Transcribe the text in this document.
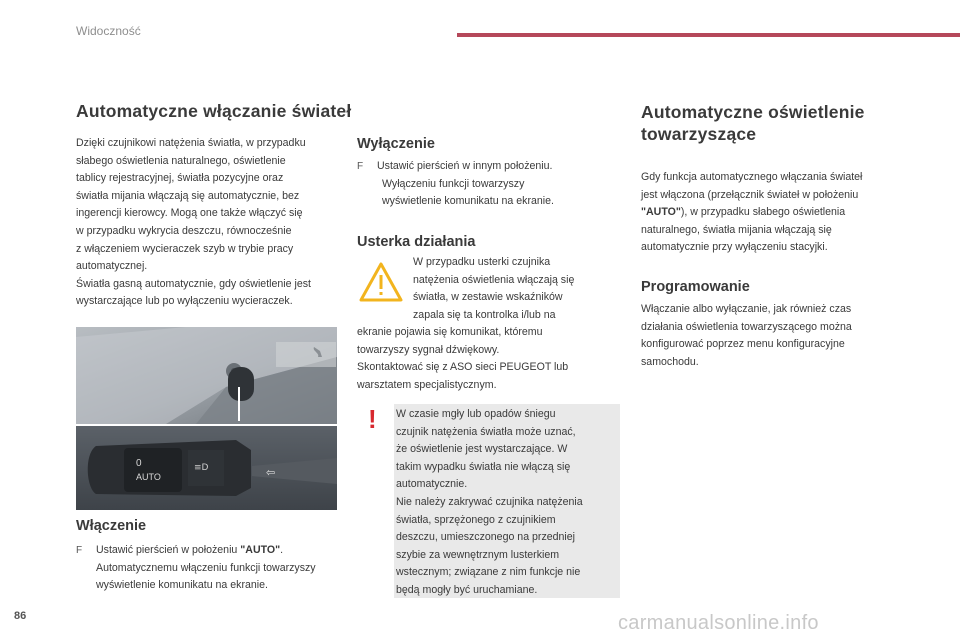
Widoczność
Automatyczne włączanie świateł

Dzięki czujnikowi natężenia światła, w przypadku

słabego oświetlenia naturalnego, oświetlenie

tablicy rejestracyjnej, światła pozycyjne oraz

światła mijania włączają się automatycznie, bez

ingerencji kierowcy. Mogą one także włączyć się

w przypadku wykrycia deszczu, równocześnie

z włączeniem wycieraczek szyb w trybie pracy

automatycznej.

Światła gasną automatycznie, gdy oświetlenie jest

wystarczające lub po wyłączeniu wycieraczek.

0
AUTO
≡D	⇦
Włączenie
F	Ustawić pierścień w położeniu "AUTO".

Automatycznemu włączeniu funkcji towarzyszy

wyświetlenie komunikatu na ekranie.

Wyłączenie
F	Ustawić pierścień w innym położeniu.

Wyłączeniu funkcji towarzyszy

wyświetlenie komunikatu na ekranie.

Usterka działania

W przypadku usterki czujnika

natężenia oświetlenia włączają się

światła, w zestawie wskaźników

zapala się ta kontrolka i/lub na

ekranie pojawia się komunikat, któremu

towarzyszy sygnał dźwiękowy.

Skontaktować się z ASO sieci PEUGEOT lub

warsztatem specjalistycznym.

! W czasie mgły lub opadów śniegu

czujnik natężenia światła może uznać,

że oświetlenie jest wystarczające. W

takim wypadku światła nie włączą się

automatycznie.

Nie należy zakrywać czujnika natężenia

światła, sprzężonego z czujnikiem

deszczu, umieszczonego na przedniej

szybie za wewnętrznym lusterkiem

wstecznym; związane z nim funkcje nie

będą mogły być uruchamiane.

Automatyczne oświetlenie
towarzyszące

Gdy funkcja automatycznego włączania świateł

jest włączona (przełącznik świateł w położeniu

"AUTO"), w przypadku słabego oświetlenia

naturalnego, światła mijania włączają się

automatycznie przy wyłączeniu stacyjki.

Programowanie

Włączanie albo wyłączanie, jak również czas

działania oświetlenia towarzyszącego można

konfigurować poprzez menu konfiguracyjne

samochodu.

86	carmanualsonline.info
